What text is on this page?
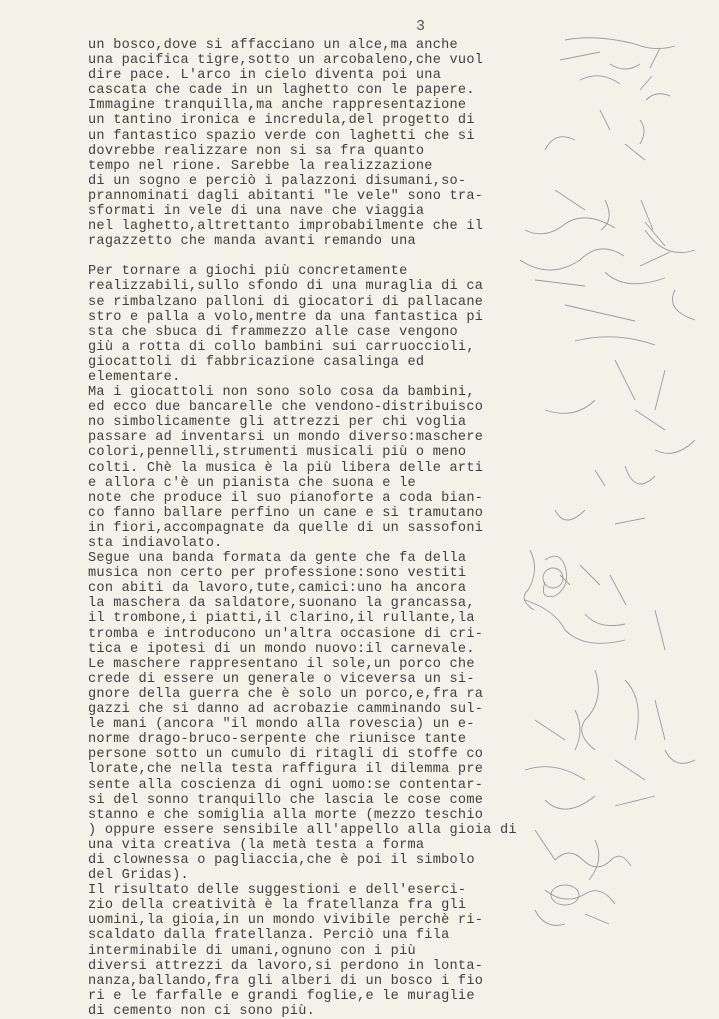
3
un bosco,dove si affacciano un alce,ma anche
una pacifica tigre,sotto un arcobaleno,che vuol
dire pace. L'arco in cielo diventa poi una
cascata che cade in un laghetto con le papere.
Immagine tranquilla,ma anche rappresentazione
un tantino ironica e incredula,del progetto di
un fantastico spazio verde con laghetti che si
dovrebbe realizzare non si sa fra quanto
tempo nel rione. Sarebbe la realizzazione
di un sogno e perciò i palazzoni disumani,so-
prannominati dagli abitanti "le vele" sono tra-
sformati in vele di una nave che viaggia
nel laghetto,altrettanto improbabilmente che il
ragazzetto che manda avanti remando una
Per tornare a giochi più concretamente
realizzabili,sullo sfondo di una muraglia di ca
se rimbalzano palloni di giocatori di pallacane
stro e palla a volo,mentre da una fantastica pi
sta che sbuca di frammezzo alle case vengono
giù a rotta di collo bambini sui carruoccioli,
giocattoli di fabbricazione casalinga ed
elementare.
Ma i giocattoli non sono solo cosa da bambini,
ed ecco due bancarelle che vendono-distribuisco
no simbolicamente gli attrezzi per chi voglia
passare ad inventarsi un mondo diverso:maschere
colori,pennelli,strumenti musicali più o meno
colti. Chè la musica è la più libera delle arti
e allora c'è un pianista che suona e le
note che produce il suo pianoforte a coda bian-
co fanno ballare perfino un cane e si tramutano
in fiori,accompagnate da quelle di un sassofoni
sta indiavolato.
Segue una banda formata da gente che fa della
musica non certo per professione:sono vestiti
con abiti da lavoro,tute,camici:uno ha ancora
la maschera da saldatore,suonano la grancassa,
il trombone,i piatti,il clarino,il rullante,la
tromba e introducono un'altra occasione di cri-
tica e ipotesi di un mondo nuovo:il carnevale.
Le maschere rappresentano il sole,un porco che
crede di essere un generale o viceversa un si-
gnore della guerra che è solo un porco,e,fra ra
gazzi che si danno ad acrobazie camminando sul-
le mani (ancora "il mondo alla rovescia) un e-
norme drago-bruco-serpente che riunisce tante
persone sotto un cumulo di ritagli di stoffe co
lorate,che nella testa raffigura il dilemma pre
sente alla coscienza di ogni uomo:se contentar-
si del sonno tranquillo che lascia le cose come
stanno e che somiglia alla morte (mezzo teschio
) oppure essere sensibile all'appello alla gioia di
una vita creativa (la metà testa a forma
di clownessa o pagliaccia,che è poi il simbolo
del Gridas).
Il risultato delle suggestioni e dell'eserci-
zio della creatività è la fratellanza fra gli
uomini,la gioia,in un mondo vivibile perchè ri-
scaldato dalla fratellanza. Perciò una fila
interminabile di umani,ognuno con i più
diversi attrezzi da lavoro,si perdono in lonta-
nanza,ballando,fra gli alberi di un bosco i fio
ri e le farfalle e grandi foglie,e le muraglie
di cemento non ci sono più.
